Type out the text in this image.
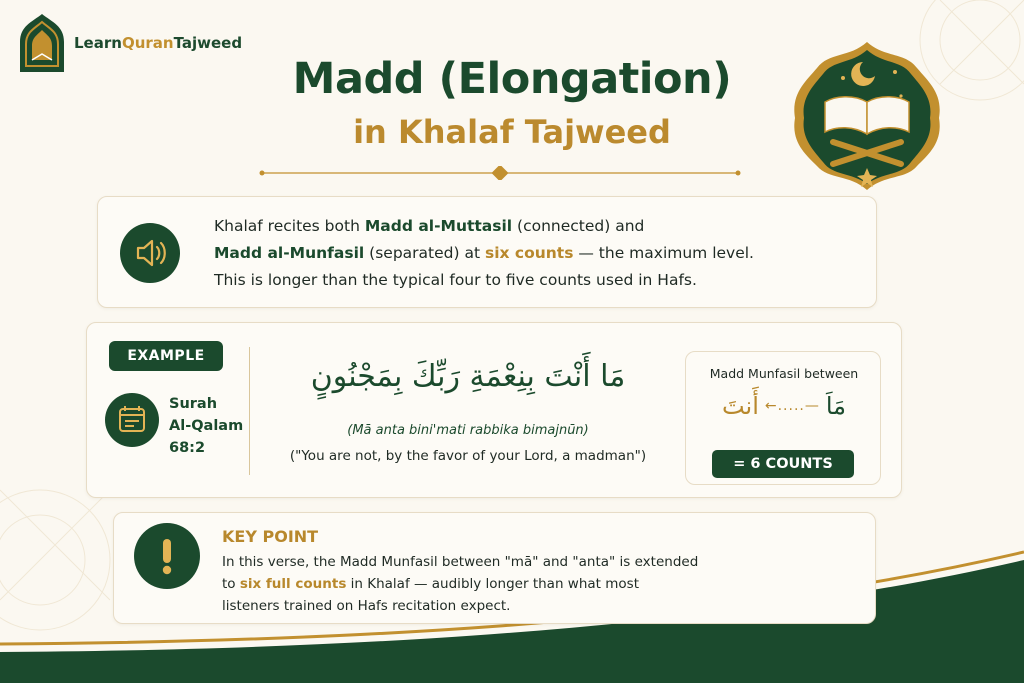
LearnQuranTajweed
Madd (Elongation)
in Khalaf Tajweed
Khalaf recites both Madd al-Muttasil (connected) and
Madd al-Munfasil (separated) at six counts — the maximum level.
This is longer than the typical four to five counts used in Hafs.
EXAMPLE
Surah
Al-Qalam
68:2
مَا أَنْتَ بِنِعْمَةِ رَبِّكَ بِمَجْنُونٍ
(Mā anta bini'mati rabbika bimajnūn)
("You are not, by the favor of your Lord, a madman")
Madd Munfasil between
أَنتَ ←.....— مَاَ
= 6 COUNTS
KEY POINT
In this verse, the Madd Munfasil between "mā" and "anta" is extended
to six full counts in Khalaf — audibly longer than what most
listeners trained on Hafs recitation expect.
